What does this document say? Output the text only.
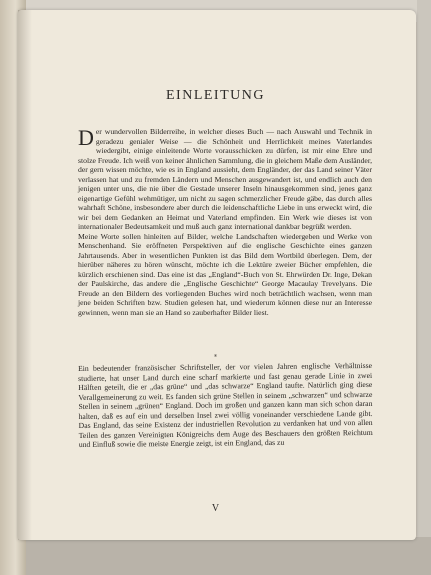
EINLEITUNG

Der wundervollen Bilderreihe, in welcher dieses Buch — nach Auswahl und Technik in geradezu genialer Weise — die Schönheit und Herrlichkeit meines Vaterlandes wiedergibt, einige einleitende Worte vorausschicken zu dürfen, ist mir eine Ehre und stolze Freude. Ich weiß von keiner ähnlichen Sammlung, die in gleichem Maße dem Ausländer, der gern wissen möchte, wie es in England aussieht, dem Engländer, der das Land seiner Väter verlassen hat und zu fremden Ländern und Menschen ausgewandert ist, und endlich auch den jenigen unter uns, die nie über die Gestade unserer Inseln hinausgekommen sind, jenes ganz eigenartige Gefühl wehmütiger, um nicht zu sagen schmerzlicher Freude gäbe, das durch alles wahrhaft Schöne, insbesondere aber durch die leidenschaftliche Liebe in uns erweckt wird, die wir bei dem Gedanken an Heimat und Vaterland empfinden. Ein Werk wie dieses ist von internationaler Bedeutsamkeit und muß auch ganz international dankbar begrüßt werden.

Meine Worte sollen hinleiten auf Bilder, welche Landschaften wiedergeben und Werke von Menschenhand. Sie eröffneten Perspektiven auf die englische Geschichte eines ganzen Jahrtausends. Aber in wesentlichen Punkten ist das Bild dem Wortbild überlegen. Dem, der hierüber näheres zu hören wünscht, möchte ich die Lektüre zweier Bücher empfehlen, die kürzlich erschienen sind. Das eine ist das „England“-Buch von St. Ehrwürden Dr. Inge, Dekan der Paulskirche, das andere die „Englische Geschichte“ George Macaulay Trevelyans. Die Freude an den Bildern des vorliegenden Buches wird noch beträchtlich wachsen, wenn man jene beiden Schriften bzw. Studien gelesen hat, und wiederum können diese nur an Interesse gewinnen, wenn man sie an Hand so zauberhafter Bilder liest.

*

Ein bedeutender französischer Schriftsteller, der vor vielen Jahren englische Verhältnisse studierte, hat unser Land durch eine scharf markierte und fast genau gerade Linie in zwei Hälften geteilt, die er „das grüne“ und „das schwarze“ England taufte. Natürlich ging diese Verallgemeinerung zu weit. Es fanden sich grüne Stellen in seinem „schwarzen“ und schwarze Stellen in seinem „grünen“ England. Doch im großen und ganzen kann man sich schon daran halten, daß es auf ein und derselben Insel zwei völlig voneinander verschiedene Lande gibt. Das England, das seine Existenz der industriellen Revolution zu verdanken hat und von allen Teilen des ganzen Vereinigten Königreichs dem Auge des Beschauers den größten Reichtum und Einfluß sowie die meiste Energie zeigt, ist ein England, das zu

V
